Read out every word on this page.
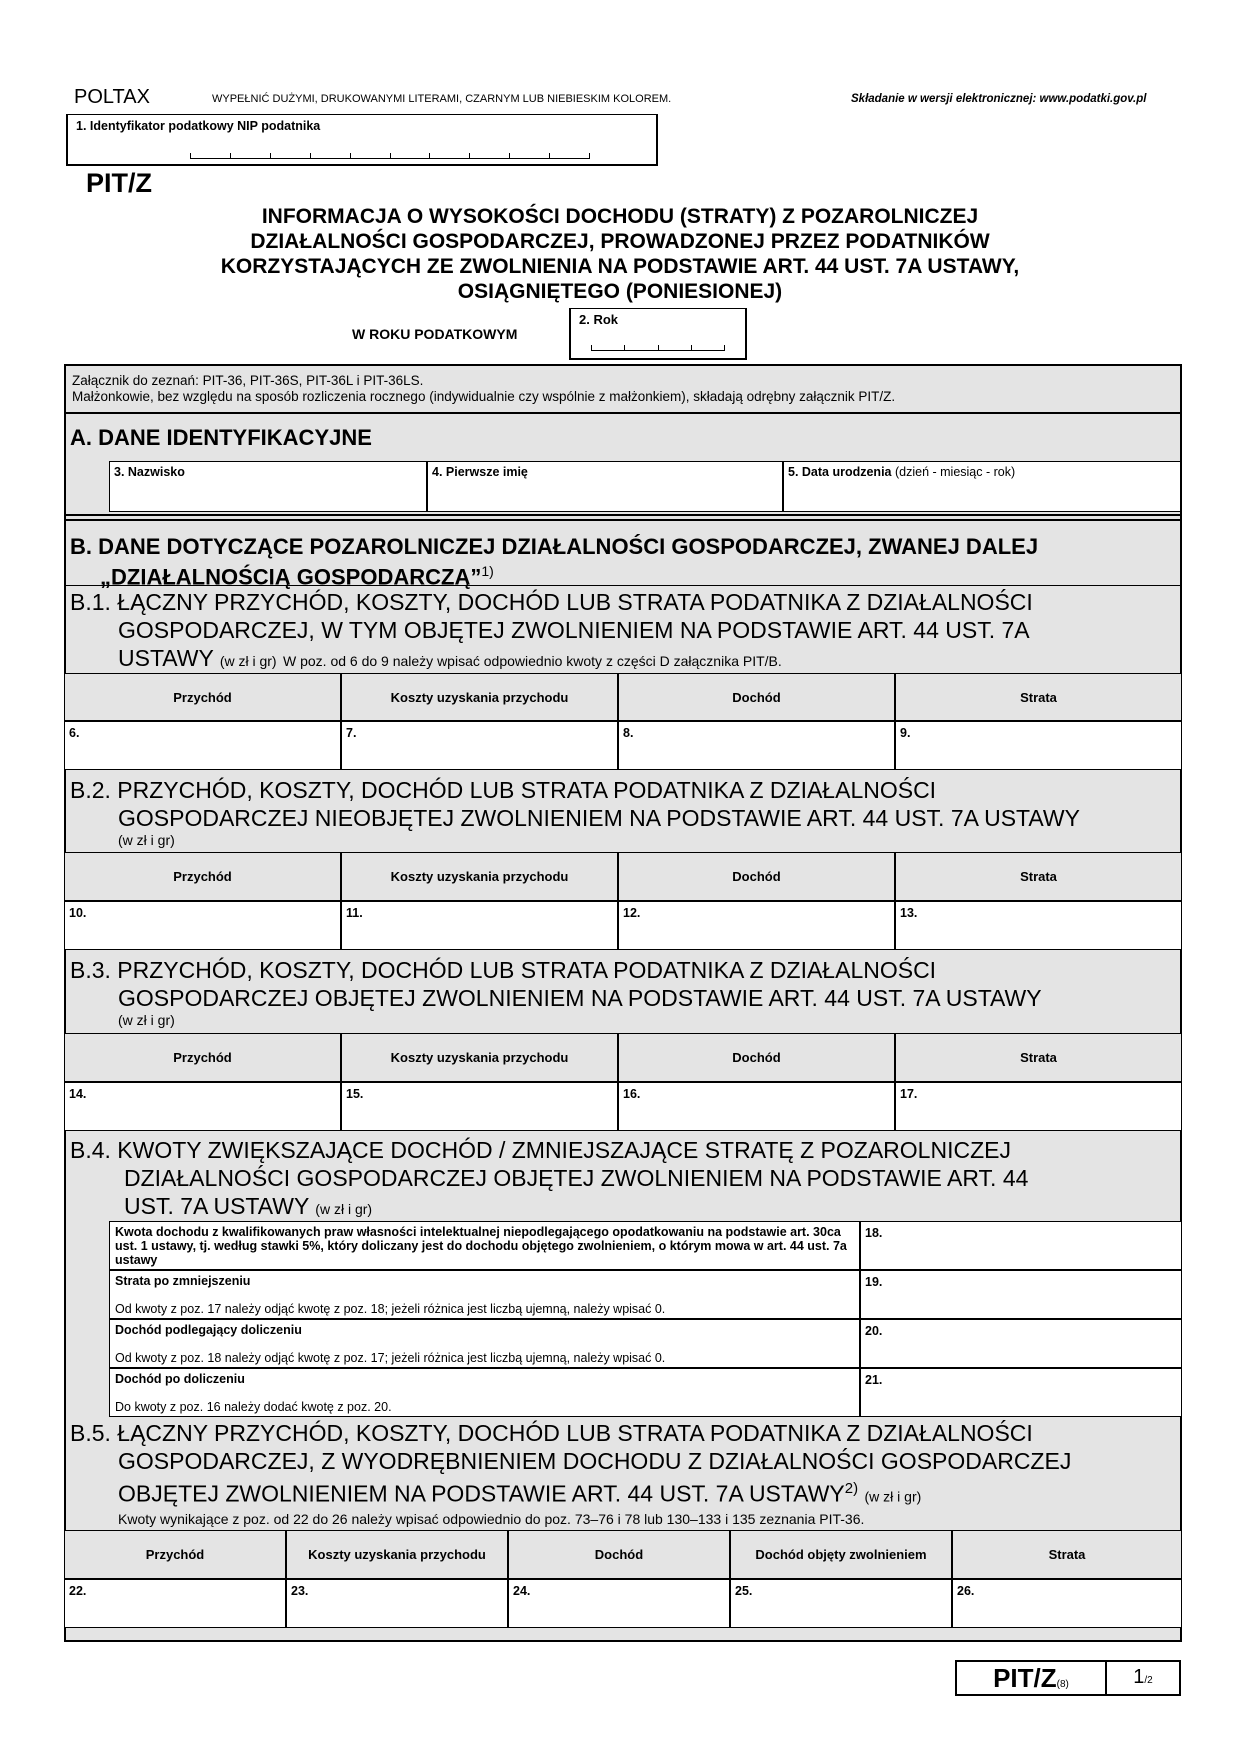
POLTAX	WYPEŁNIĆ DUŻYMI, DRUKOWANYMI LITERAMI, CZARNYM LUB NIEBIESKIM KOLOREM.	Składanie w wersji elektronicznej: www.podatki.gov.pl
1. Identyfikator podatkowy NIP podatnika
PIT/Z
INFORMACJA O WYSOKOŚCI DOCHODU (STRATY) Z POZAROLNICZEJ
DZIAŁALNOŚCI GOSPODARCZEJ, PROWADZONEJ PRZEZ PODATNIKÓW
KORZYSTAJĄCYCH ZE ZWOLNIENIA NA PODSTAWIE ART. 44 UST. 7A USTAWY,
OSIĄGNIĘTEGO (PONIESIONEJ)
W ROKU PODATKOWYM
2. Rok
Załącznik do zeznań: PIT-36, PIT-36S, PIT-36L i PIT-36LS.
Małżonkowie, bez względu na sposób rozliczenia rocznego (indywidualnie czy wspólnie z małżonkiem), składają odrębny załącznik PIT/Z.
A. DANE IDENTYFIKACYJNE
3. Nazwisko	4. Pierwsze imię	5. Data urodzenia (dzień - miesiąc - rok)
B. DANE DOTYCZĄCE POZAROLNICZEJ DZIAŁALNOŚCI GOSPODARCZEJ, ZWANEJ DALEJ
„DZIAŁALNOŚCIĄ GOSPODARCZĄ”$^{1)}$
B.1. ŁĄCZNY PRZYCHÓD, KOSZTY, DOCHÓD LUB STRATA PODATNIKA Z DZIAŁALNOŚCI
GOSPODARCZEJ, W TYM OBJĘTEJ ZWOLNIENIEM NA PODSTAWIE ART. 44 UST. 7A
USTAWY (w zł i gr) W poz. od 6 do 9 należy wpisać odpowiednio kwoty z części D załącznika PIT/B.
Przychód	Koszty uzyskania przychodu	Dochód	Strata
6.	7.	8.	9.
B.2. PRZYCHÓD, KOSZTY, DOCHÓD LUB STRATA PODATNIKA Z DZIAŁALNOŚCI
GOSPODARCZEJ NIEOBJĘTEJ ZWOLNIENIEM NA PODSTAWIE ART. 44 UST. 7A USTAWY
(w zł i gr)
Przychód	Koszty uzyskania przychodu	Dochód	Strata
10.	11.	12.	13.
B.3. PRZYCHÓD, KOSZTY, DOCHÓD LUB STRATA PODATNIKA Z DZIAŁALNOŚCI
GOSPODARCZEJ OBJĘTEJ ZWOLNIENIEM NA PODSTAWIE ART. 44 UST. 7A USTAWY
(w zł i gr)
Przychód	Koszty uzyskania przychodu	Dochód	Strata
14.	15.	16.	17.
B.4. KWOTY ZWIĘKSZAJĄCE DOCHÓD / ZMNIEJSZAJĄCE STRATĘ Z POZAROLNICZEJ
DZIAŁALNOŚCI GOSPODARCZEJ OBJĘTEJ ZWOLNIENIEM NA PODSTAWIE ART. 44
UST. 7A USTAWY (w zł i gr)
Kwota dochodu z kwalifikowanych praw własności intelektualnej niepodlegającego opodatkowaniu na podstawie art. 30ca ust. 1 ustawy, tj. według stawki 5%, który doliczany jest do dochodu objętego zwolnieniem, o którym mowa w art. 44 ust. 7a ustawy
18.
Strata po zmniejszeniu
Od kwoty z poz. 17 należy odjąć kwotę z poz. 18; jeżeli różnica jest liczbą ujemną, należy wpisać 0.
19.
Dochód podlegający doliczeniu
Od kwoty z poz. 18 należy odjąć kwotę z poz. 17; jeżeli różnica jest liczbą ujemną, należy wpisać 0.
20.
Dochód po doliczeniu
Do kwoty z poz. 16 należy dodać kwotę z poz. 20.
21.
B.5. ŁĄCZNY PRZYCHÓD, KOSZTY, DOCHÓD LUB STRATA PODATNIKA Z DZIAŁALNOŚCI
GOSPODARCZEJ, Z WYODRĘBNIENIEM DOCHODU Z DZIAŁALNOŚCI GOSPODARCZEJ
OBJĘTEJ ZWOLNIENIEM NA PODSTAWIE ART. 44 UST. 7A USTAWY$^{2)}$ (w zł i gr)
Kwoty wynikające z poz. od 22 do 26 należy wpisać odpowiednio do poz. 73–76 i 78 lub 130–133 i 135 zeznania PIT-36.
Przychód	Koszty uzyskania przychodu	Dochód	Dochód objęty zwolnieniem	Strata
22.	23.	24.	25.	26.
PIT/Z(8)	1/2
